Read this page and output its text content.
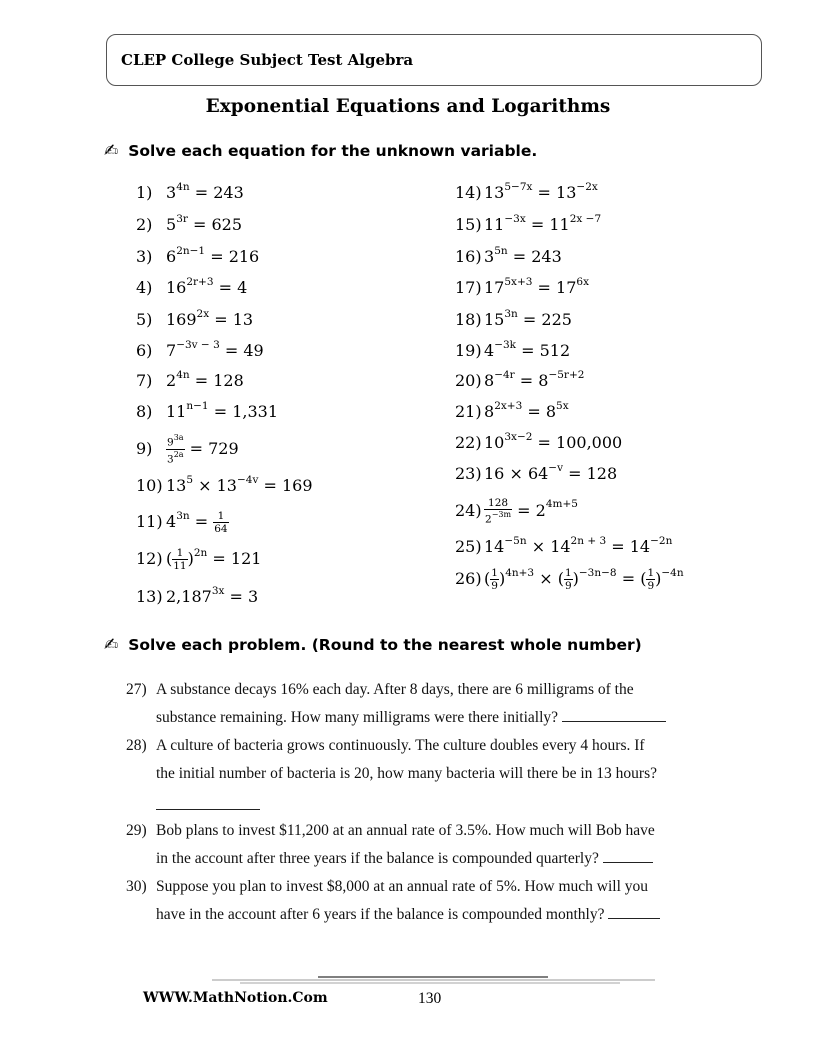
CLEP College Subject Test Algebra
Exponential Equations and Logarithms
✍ Solve each equation for the unknown variable.
1) $3^{4n} = 243$
2) $5^{3r} = 625$
3) $6^{2n-1} = 216$
4) $16^{2r+3} = 4$
5) $169^{2x} = 13$
6) $7^{-3v - 3} = 49$
7) $2^{4n} = 128$
8) $11^{n-1} = 1,331$
$9) \frac{9^{3a}}{3^{2a}} = 729$
10) $13^5 \times 13^{-4v} = 169$
11) $4^{3n} = \frac{1}{64}$
12) ( $\frac{1}{11} )^{2n} = 121$
13) $2,187^{3x} = 3$
14) $13^{5-7x} = 13^{-2x}$
15) $11^{-3x} = 11^{2x -7}$
16) $3^{5n} = 243$
17) $17^{5x+3} = 17^{6x}$
18) $15^{3n} = 225$
19) $4^{-3k} = 512$
20) $8^{-4r} = 8^{-5r+2}$
21) $8^{2x+3} = 8^{5x}$
22) $10^{3x-2} = 100,000$
23) $16 \times 64^{-v} = 128$
$24) \frac{128}{2^{-3m}} = 2^{4m+5}$
25) $14^{-5n} \times 14^{2n + 3} = 14^{-2n}$
26) ( $\frac{1}{9} )^{4n+3}$ × ( $\frac{1}{9} )^{-3n-8}$ = ( $\frac{1}{9} )^{-4n}$
✍ Solve each problem. (Round to the nearest whole number)
27) A substance decays 16% each day. After 8 days, there are 6 milligrams of the
substance remaining. How many milligrams were there initially?
28) A culture of bacteria grows continuously. The culture doubles every 4 hours. If
the initial number of bacteria is 20, how many bacteria will there be in 13 hours?
29) Bob plans to invest $11,200 at an annual rate of 3.5%. How much will Bob have
in the account after three years if the balance is compounded quarterly?
30) Suppose you plan to invest $8,000 at an annual rate of 5%. How much will you
have in the account after 6 years if the balance is compounded monthly?
WWW.MathNotion.Com	130
